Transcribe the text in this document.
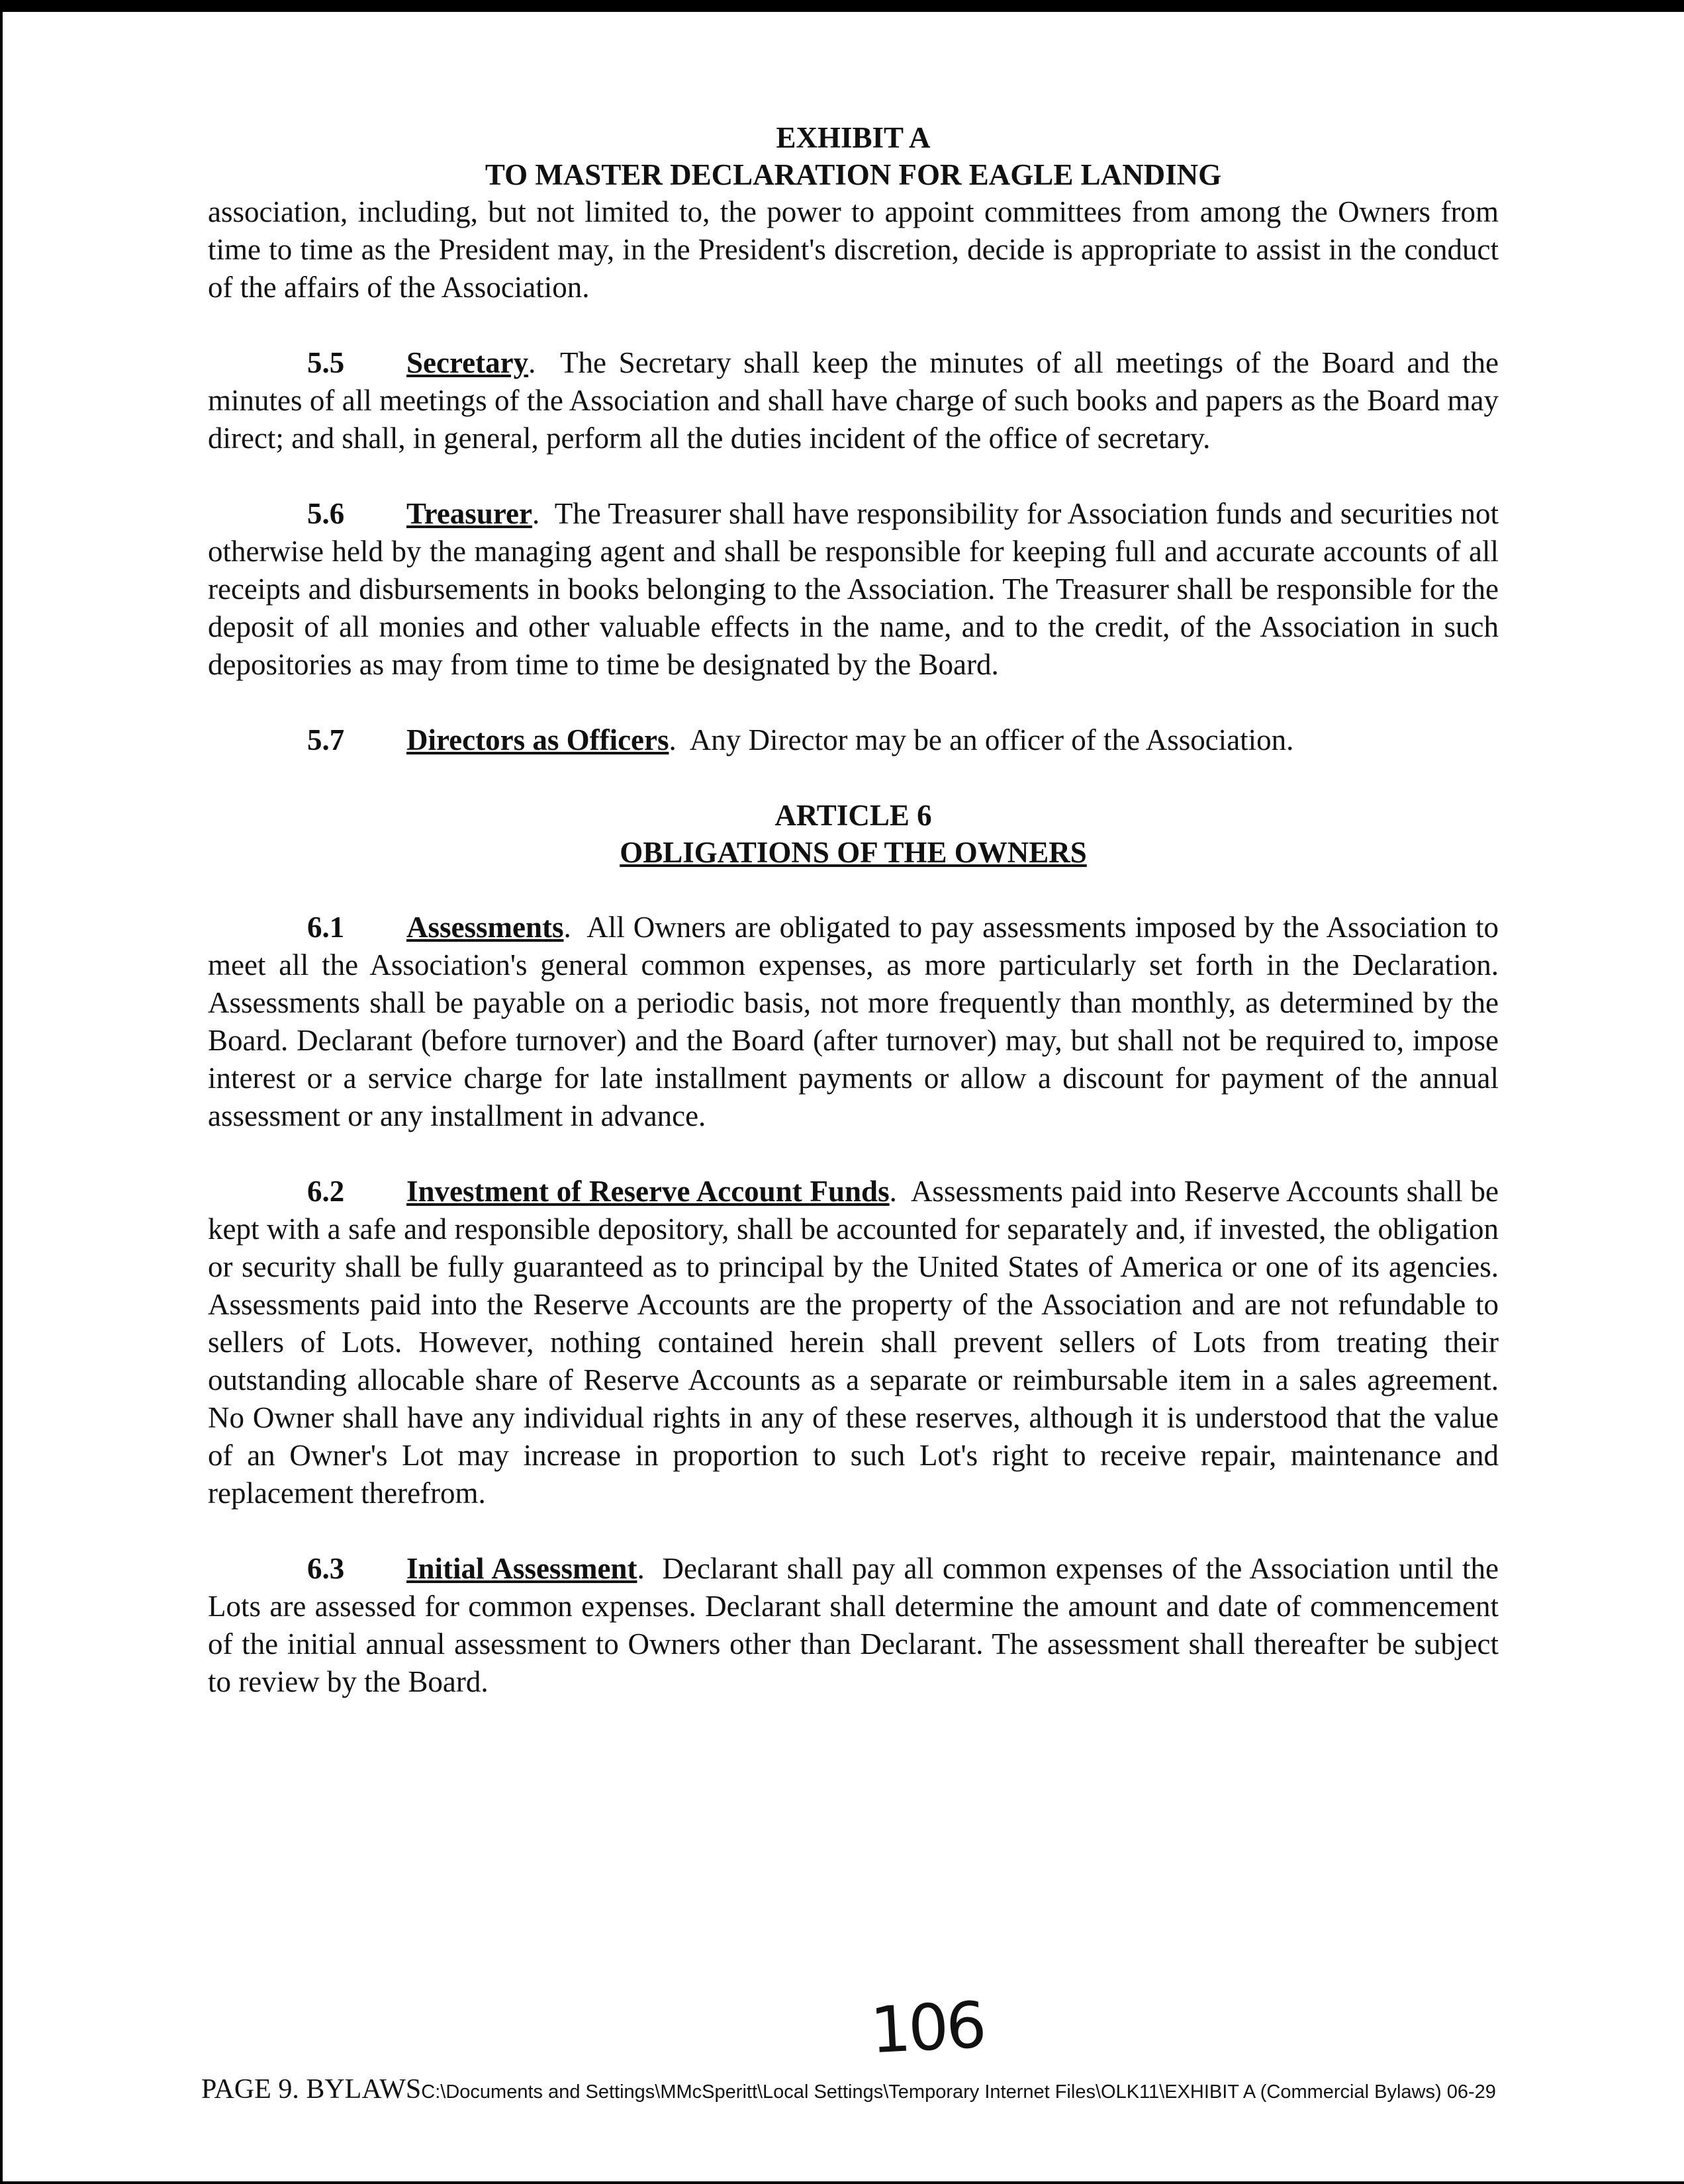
EXHIBIT A
TO MASTER DECLARATION FOR EAGLE LANDING

association, including, but not limited to, the power to appoint committees from among the Owners from time to time as the President may, in the President's discretion, decide is appropriate to assist in the conduct of the affairs of the Association.

5.5 Secretary.  The Secretary shall keep the minutes of all meetings of the Board and the minutes of all meetings of the Association and shall have charge of such books and papers as the Board may direct; and shall, in general, perform all the duties incident of the office of secretary.

5.6 Treasurer.  The Treasurer shall have responsibility for Association funds and securities not otherwise held by the managing agent and shall be responsible for keeping full and accurate accounts of all receipts and disbursements in books belonging to the Association. The Treasurer shall be responsible for the deposit of all monies and other valuable effects in the name, and to the credit, of the Association in such depositories as may from time to time be designated by the Board.

5.7 Directors as Officers.  Any Director may be an officer of the Association.

ARTICLE 6
OBLIGATIONS OF THE OWNERS

6.1 Assessments.  All Owners are obligated to pay assessments imposed by the Association to meet all the Association's general common expenses, as more particularly set forth in the Declaration. Assessments shall be payable on a periodic basis, not more frequently than monthly, as determined by the Board. Declarant (before turnover) and the Board (after turnover) may, but shall not be required to, impose interest or a service charge for late installment payments or allow a discount for payment of the annual assessment or any installment in advance.

6.2 Investment of Reserve Account Funds.  Assessments paid into Reserve Accounts shall be kept with a safe and responsible depository, shall be accounted for separately and, if invested, the obligation or security shall be fully guaranteed as to principal by the United States of America or one of its agencies. Assessments paid into the Reserve Accounts are the property of the Association and are not refundable to sellers of Lots. However, nothing contained herein shall prevent sellers of Lots from treating their outstanding allocable share of Reserve Accounts as a separate or reimbursable item in a sales agreement. No Owner shall have any individual rights in any of these reserves, although it is understood that the value of an Owner's Lot may increase in proportion to such Lot's right to receive repair, maintenance and replacement therefrom.

6.3 Initial Assessment.  Declarant shall pay all common expenses of the Association until the Lots are assessed for common expenses. Declarant shall determine the amount and date of commencement of the initial annual assessment to Owners other than Declarant. The assessment shall thereafter be subject to review by the Board.

106
PAGE 9. BYLAWSC:\Documents and Settings\MMcSperitt\Local Settings\Temporary Internet Files\OLK11\EXHIBIT A (Commercial Bylaws) 06-29
